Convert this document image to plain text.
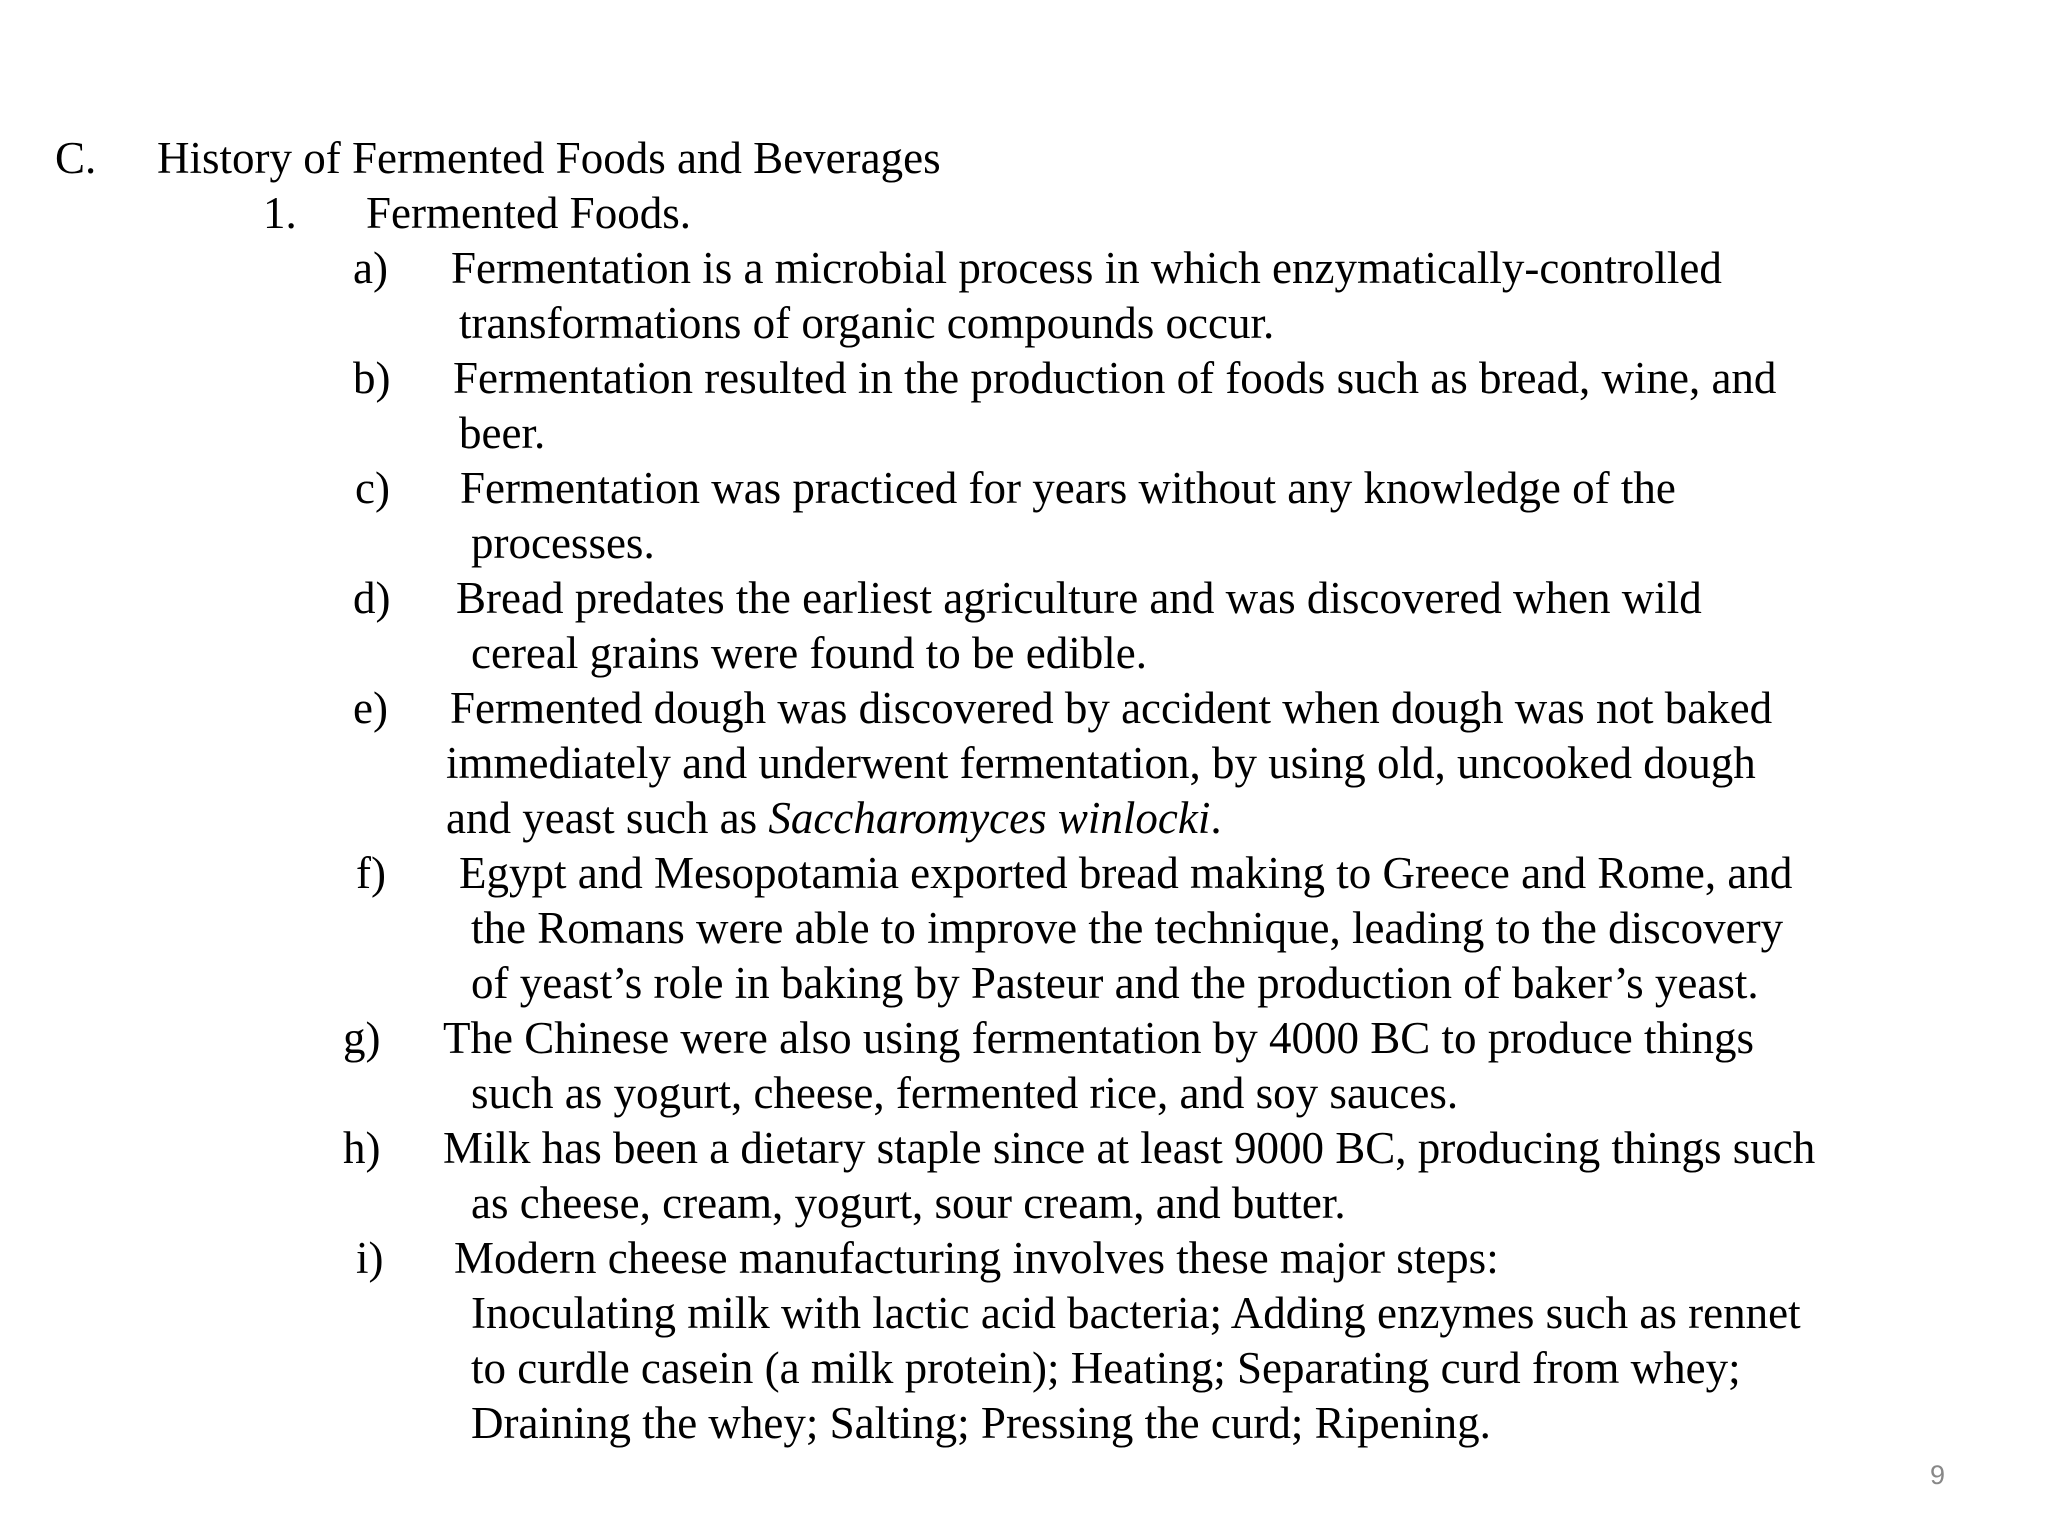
C. History of Fermented Foods and Beverages
1. Fermented Foods.
a) Fermentation is a microbial process in which enzymatically-controlled
transformations of organic compounds occur.
b) Fermentation resulted in the production of foods such as bread, wine, and
beer.
c) Fermentation was practiced for years without any knowledge of the
processes.
d) Bread predates the earliest agriculture and was discovered when wild
cereal grains were found to be edible.
e) Fermented dough was discovered by accident when dough was not baked
immediately and underwent fermentation, by using old, uncooked dough
and yeast such as Saccharomyces winlocki.
f) Egypt and Mesopotamia exported bread making to Greece and Rome, and
the Romans were able to improve the technique, leading to the discovery
of yeast’s role in baking by Pasteur and the production of baker’s yeast.
g) The Chinese were also using fermentation by 4000 BC to produce things
such as yogurt, cheese, fermented rice, and soy sauces.
h) Milk has been a dietary staple since at least 9000 BC, producing things such
as cheese, cream, yogurt, sour cream, and butter.
i) Modern cheese manufacturing involves these major steps:
Inoculating milk with lactic acid bacteria; Adding enzymes such as rennet
to curdle casein (a milk protein); Heating; Separating curd from whey;
Draining the whey; Salting; Pressing the curd; Ripening.
9
